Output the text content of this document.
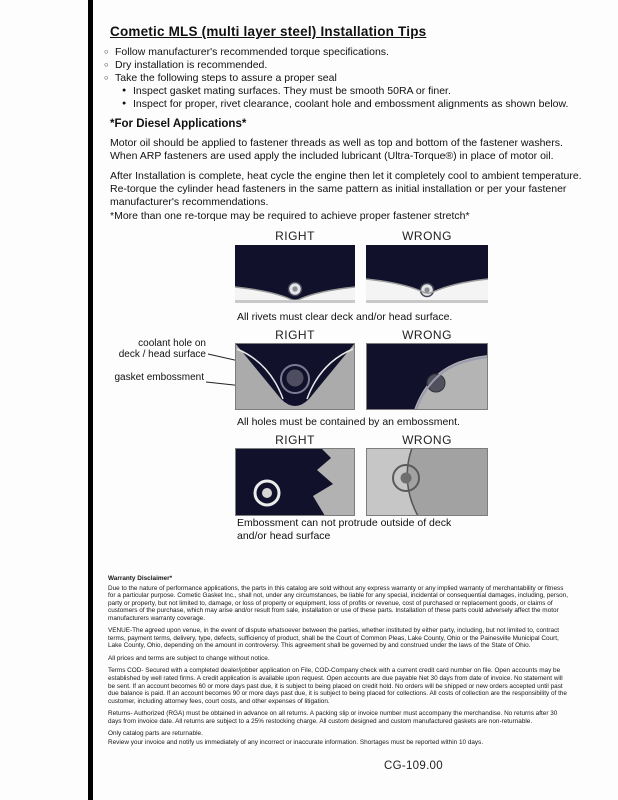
Cometic MLS (multi layer steel) Installation Tips
○ Follow manufacturer's recommended torque specifications.
○ Dry installation is recommended.
○ Take the following steps to assure a proper seal
● Inspect gasket mating surfaces. They must be smooth 50RA or finer.
● Inspect for proper, rivet clearance, coolant hole and embossment alignments as shown below.
*For Diesel Applications*
Motor oil should be applied to fastener threads as well as top and bottom of the fastener washers. When ARP fasteners are used apply the included lubricant (Ultra-Torque®) in place of motor oil.
After Installation is complete, heat cycle the engine then let it completely cool to ambient temperature. Re-torque the cylinder head fasteners in the same pattern as initial installation or per your fastener manufacturer's recommendations.
*More than one re-torque may be required to achieve proper fastener stretch*
RIGHT	WRONG
All rivets must clear deck and/or head surface.
RIGHT	WRONG
coolant hole on
deck / head surface
gasket embossment
All holes must be contained by an embossment.
RIGHT	WRONG
Embossment can not protrude outside of deck
and/or head surface

Warranty Disclaimer*

Due to the nature of performance applications, the parts in this catalog are sold without any express warranty or any implied warranty of merchantability or fitness for a particular purpose. Cometic Gasket Inc., shall not, under any circumstances, be liable for any special, incidental or consequential damages, including, person, party or property, but not limited to, damage, or loss of property or equipment, loss of profits or revenue, cost of purchased or replacement goods, or claims of customers of the purchase, which may arise and/or result from sale, installation or use of these parts. Installation of these parts could adversely affect the motor manufacturers warranty coverage.

VENUE-The agreed upon venue, in the event of dispute whatsoever between the parties, whether instituted by either party, including, but not limited to, contract terms, payment terms, delivery, type, defects, sufficiency of product, shall be the Court of Common Pleas, Lake County, Ohio or the Painesville Municipal Court, Lake County, Ohio, depending on the amount in controversy. This agreement shall be governed by and construed under the laws of the State of Ohio.

All prices and terms are subject to change without notice.

Terms COD- Secured with a completed dealer/jobber application on File, COD-Company check with a current credit card number on file. Open accounts may be established by well rated firms. A credit application is available upon request. Open accounts are due payable Net 30 days from date of invoice. No statement will be sent. If an account becomes 60 or more days past due, it is subject to being placed on credit hold. No orders will be shipped or new orders accepted until past due balance is paid. If an account becomes 90 or more days past due, it is subject to being placed for collections. All costs of collection are the responsibility of the customer, including attorney fees, court costs, and other expenses of litigation.

Returns- Authorized (RGA) must be obtained in advance on all returns. A packing slip or invoice number must accompany the merchandise. No returns after 30 days from invoice date. All returns are subject to a 25% restocking charge. All custom designed and custom manufactured gaskets are non-returnable.

Only catalog parts are returnable.

Review your invoice and notify us immediately of any incorrect or inaccurate information. Shortages must be reported within 10 days.

CG-109.00
